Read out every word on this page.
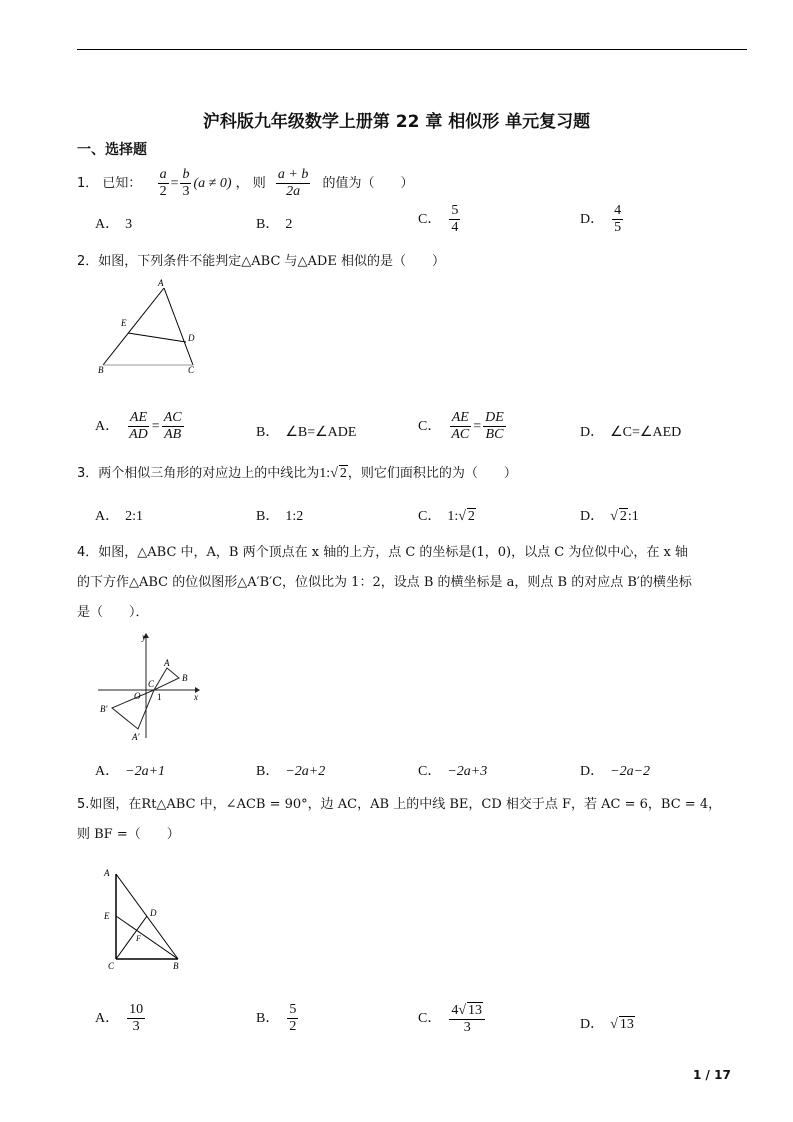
沪科版九年级数学上册第 22 章 相似形 单元复习题
一、选择题
1． 已知： $\frac{a}{2} = \frac{b}{3} (a \ne 0)$ ， 则 $\frac{a + b}{2a}$ 的值为（　　）
A． 3	B． 2	C． $\frac{5}{4}$	D． $\frac{4}{5}$
2．如图，下列条件不能判定△ABC 与△ADE 相似的是（　　）
A
E
D
B	C
A． $\frac{AE}{AD} = \frac{AC}{AB}$	B． ∠B=∠ADE	C． $\frac{AE}{AC} = \frac{DE}{BC}$	D． ∠C=∠AED
3．两个相似三角形的对应边上的中线比为1:√ 2，则它们面积比的为（　　）
A． 2:1	B． 1:2	C． 1:√ 2	D． √ 2:1
4．如图，△ABC 中，A，B 两个顶点在 x 轴的上方，点 C 的坐标是(1，0)，以点 C 为位似中心，在 x 轴
的下方作△ABC 的位似图形△A′B′C，位似比为 1：2，设点 B 的横坐标是 a，则点 B 的对应点 B′的横坐标
是（　　）．
y
x
O
C
1
A
B
B′
A′
A． −2a+1	B． −2a+2	C． −2a+3	D． −2a−2
5.如图，在Rt△ABC 中，∠ACB = 90°，边 AC，AB 上的中线 BE，CD 相交于点 F，若 AC = 6，BC = 4，
则 BF =（　　）
A
E	D
F
C	B
A． $\frac{10}{3}$	B． $\frac{5}{2}$	C． $\frac{4√ 13}{3}$	D． √ 13
1 / 17
